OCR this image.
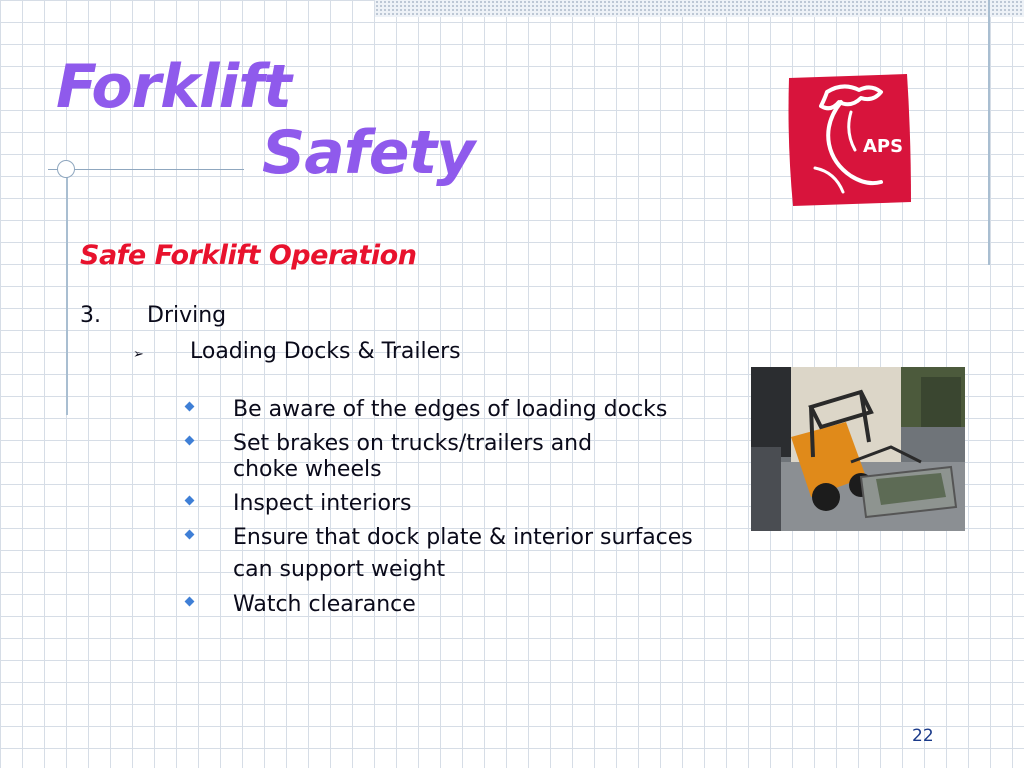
Forklift
Safety	APS
Safe Forklift Operation
3. Driving
➢ Loading Docks & Trailers
Be aware of the edges of loading docks
Set brakes on trucks/trailers and
choke wheels
Inspect interiors
Ensure that dock plate & interior surfaces
can support weight
Watch clearance
22
